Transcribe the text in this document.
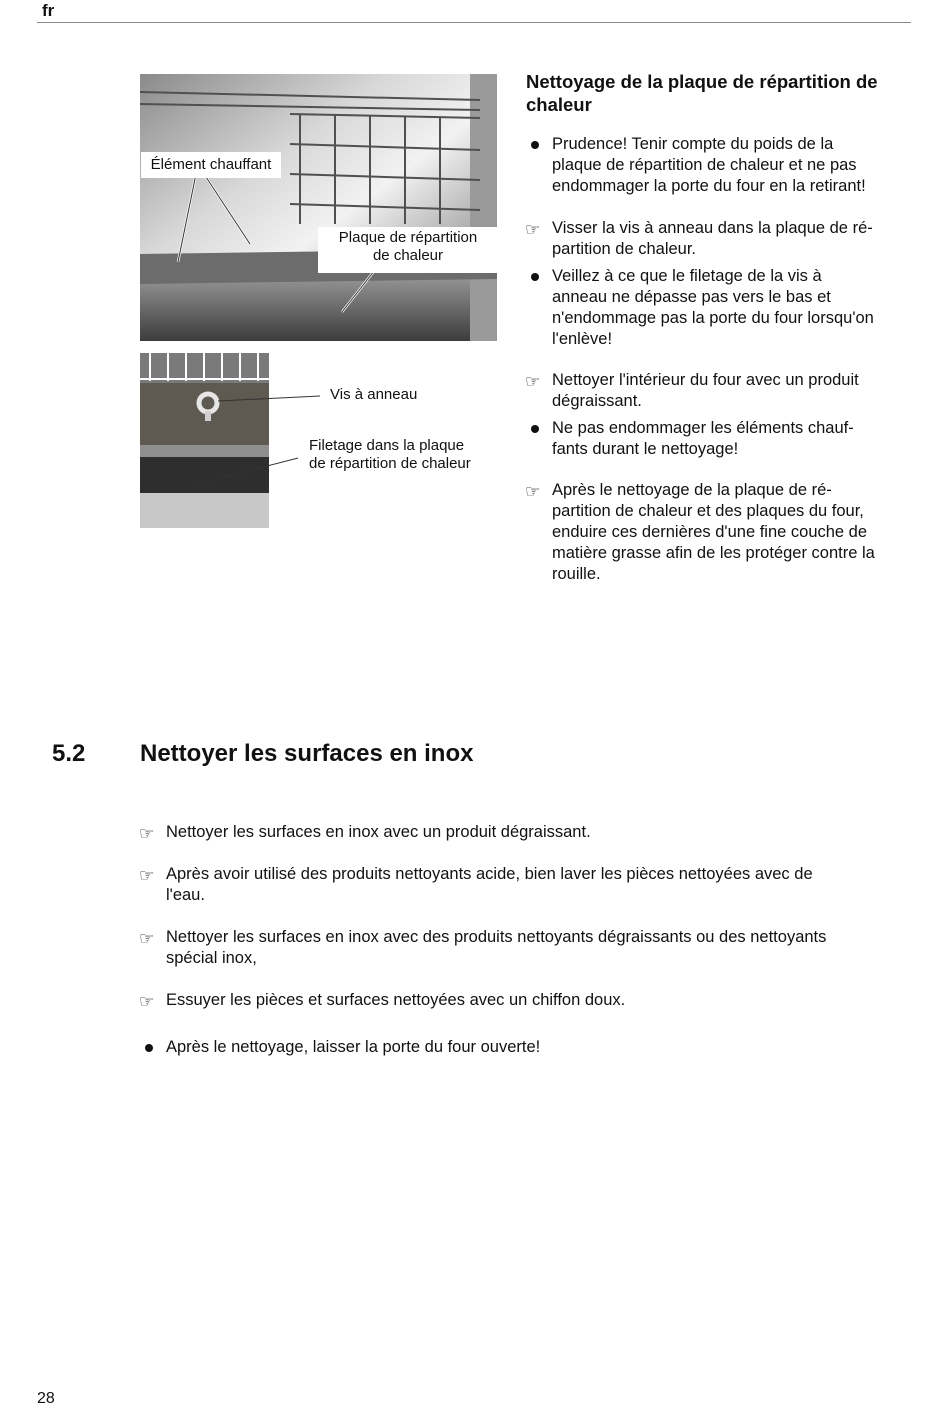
fr
Élément chauffant
Plaque de répartition
de chaleur
Vis à anneau
Filetage dans la plaque
de répartition de chaleur
Nettoyage de la plaque de répartition de
chaleur
Prudence! Tenir compte du poids de la
plaque de répartition de chaleur et ne pas
endommager la porte du four en la retirant!
☞ Visser la vis à anneau dans la plaque de ré-
partition de chaleur.
Veillez à ce que le filetage de la vis à
anneau ne dépasse pas vers le bas et
n'endommage pas la porte du four lorsqu'on
l'enlève!
☞ Nettoyer l'intérieur du four avec un produit
dégraissant.
Ne pas endommager les éléments chauf-
fants durant le nettoyage!
☞ Après le nettoyage de la plaque de ré-
partition de chaleur et des plaques du four,
enduire ces dernières d'une fine couche de
matière grasse afin de les protéger contre la
rouille.
5.2 Nettoyer les surfaces en inox
☞ Nettoyer les surfaces en inox avec un produit dégraissant.
☞ Après avoir utilisé des produits nettoyants acide, bien laver les pièces nettoyées avec de
l'eau.
☞ Nettoyer les surfaces en inox avec des produits nettoyants dégraissants ou des nettoyants
spécial inox,
☞ Essuyer les pièces et surfaces nettoyées avec un chiffon doux.
Après le nettoyage, laisser la porte du four ouverte!
28
